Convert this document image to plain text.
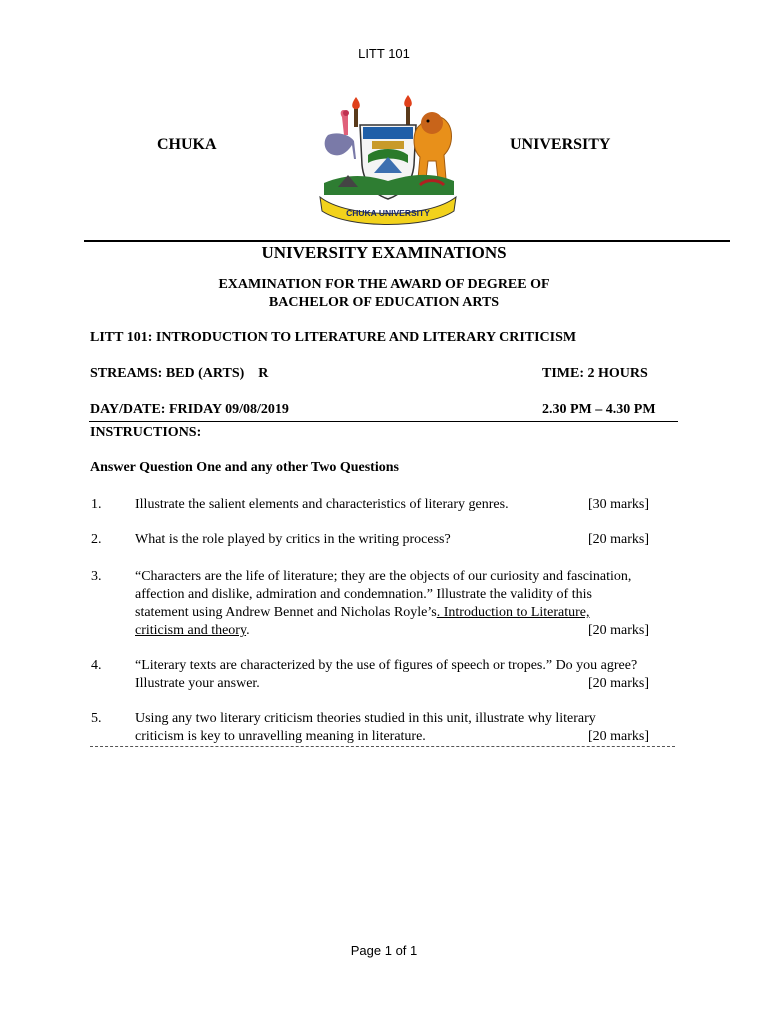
LITT 101
CHUKA	UNIVERSITY
CHUKA UNIVERSITY
UNIVERSITY EXAMINATIONS
EXAMINATION FOR THE AWARD OF DEGREE OF
BACHELOR OF EDUCATION ARTS
LITT 101: INTRODUCTION TO LITERATURE AND LITERARY CRITICISM
STREAMS: BED (ARTS)    R	TIME: 2 HOURS
DAY/DATE: FRIDAY 09/08/2019	2.30 PM – 4.30 PM
INSTRUCTIONS:
Answer Question One and any other Two Questions
1. Illustrate the salient elements and characteristics of literary genres.	[30 marks]
2. What is the role played by critics in the writing process?	[20 marks]
3. “Characters are the life of literature; they are the objects of our curiosity and fascination,
affection and dislike, admiration and condemnation.” Illustrate the validity of this
statement using Andrew Bennet and Nicholas Royle’s. Introduction to Literature,
criticism and theory.	[20 marks]
4. “Literary texts are characterized by the use of figures of speech or tropes.” Do you agree?
Illustrate your answer.	[20 marks]
5. Using any two literary criticism theories studied in this unit, illustrate why literary
criticism is key to unravelling meaning in literature.	[20 marks]
Page 1 of 1
